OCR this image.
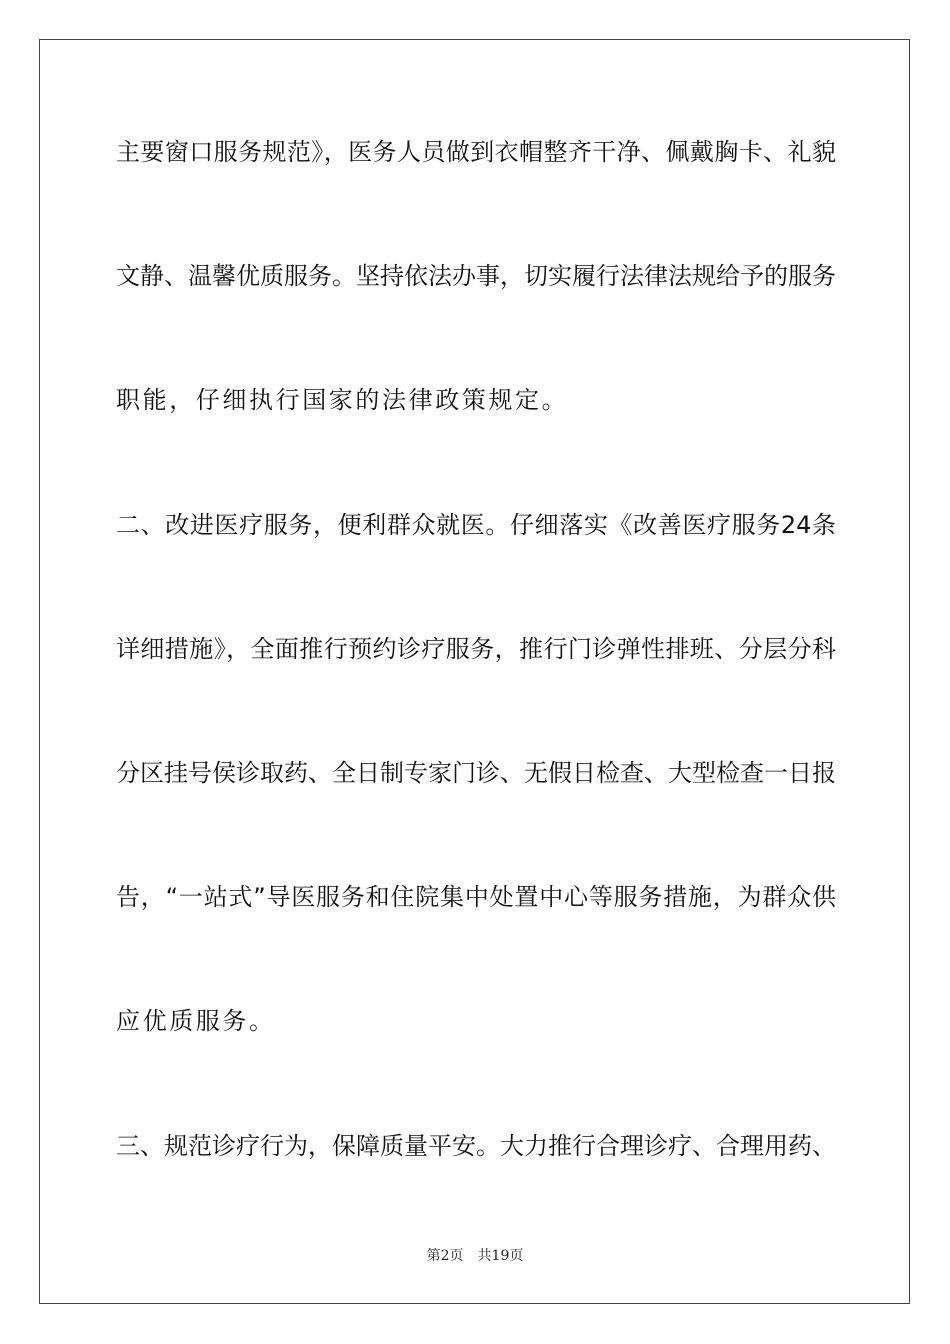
主要窗口服务规范》，医务人员做到衣帽整齐干净、佩戴胸卡、礼貌
文静、温馨优质服务。坚持依法办事，切实履行法律法规给予的服务
职能，仔细执行国家的法律政策规定。
二、改进医疗服务，便利群众就医。仔细落实《改善医疗服务24条
详细措施》，全面推行预约诊疗服务，推行门诊弹性排班、分层分科
分区挂号侯诊取药、全日制专家门诊、无假日检查、大型检查一日报
告，“一站式”导医服务和住院集中处置中心等服务措施，为群众供
应优质服务。
三、规范诊疗行为，保障质量平安。大力推行合理诊疗、合理用药、
第2页 共19页
